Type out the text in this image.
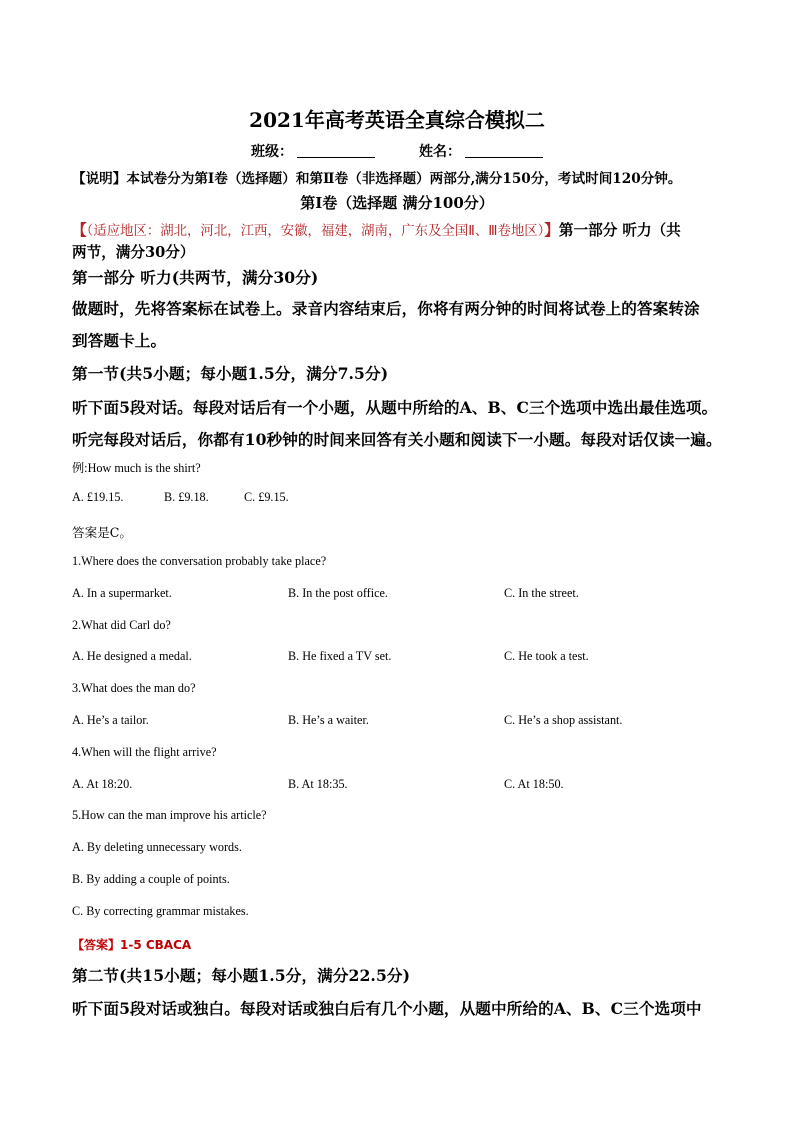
2021年高考英语全真综合模拟二
班级：	姓名：
【说明】本试卷分为第Ⅰ卷（选择题）和第Ⅱ卷（非选择题）两部分,满分150分，考试时间120分钟。
第Ⅰ卷（选择题 满分100分）
【（适应地区：湖北，河北，江西，安徽，福建，湖南，广东及全国Ⅱ、Ⅲ卷地区）】第一部分 听力（共
两节，满分30分）
第一部分 听力(共两节，满分30分)
做题时，先将答案标在试卷上。录音内容结束后，你将有两分钟的时间将试卷上的答案转涂
到答题卡上。
第一节(共5小题；每小题1.5分，满分7.5分)
听下面5段对话。每段对话后有一个小题，从题中所给的A、B、C三个选项中选出最佳选项。
听完每段对话后，你都有10秒钟的时间来回答有关小题和阅读下一小题。每段对话仅读一遍。
例:How much is the shirt?
A. £19.15.	B. £9.18.	C. £9.15.
答案是C。
1.Where does the conversation probably take place?
A. In a supermarket.	B. In the post office.	C. In the street.
2.What did Carl do?
A. He designed a medal.	B. He fixed a TV set.	C. He took a test.
3.What does the man do?
A. He’s a tailor.	B. He’s a waiter.	C. He’s a shop assistant.
4.When will the flight arrive?
A. At 18:20.	B. At 18:35.	C. At 18:50.
5.How can the man improve his article?
A. By deleting unnecessary words.
B. By adding a couple of points.
C. By correcting grammar mistakes.
【答案】1-5 CBACA
第二节(共15小题；每小题1.5分，满分22.5分)
听下面5段对话或独白。每段对话或独白后有几个小题，从题中所给的A、B、C三个选项中
